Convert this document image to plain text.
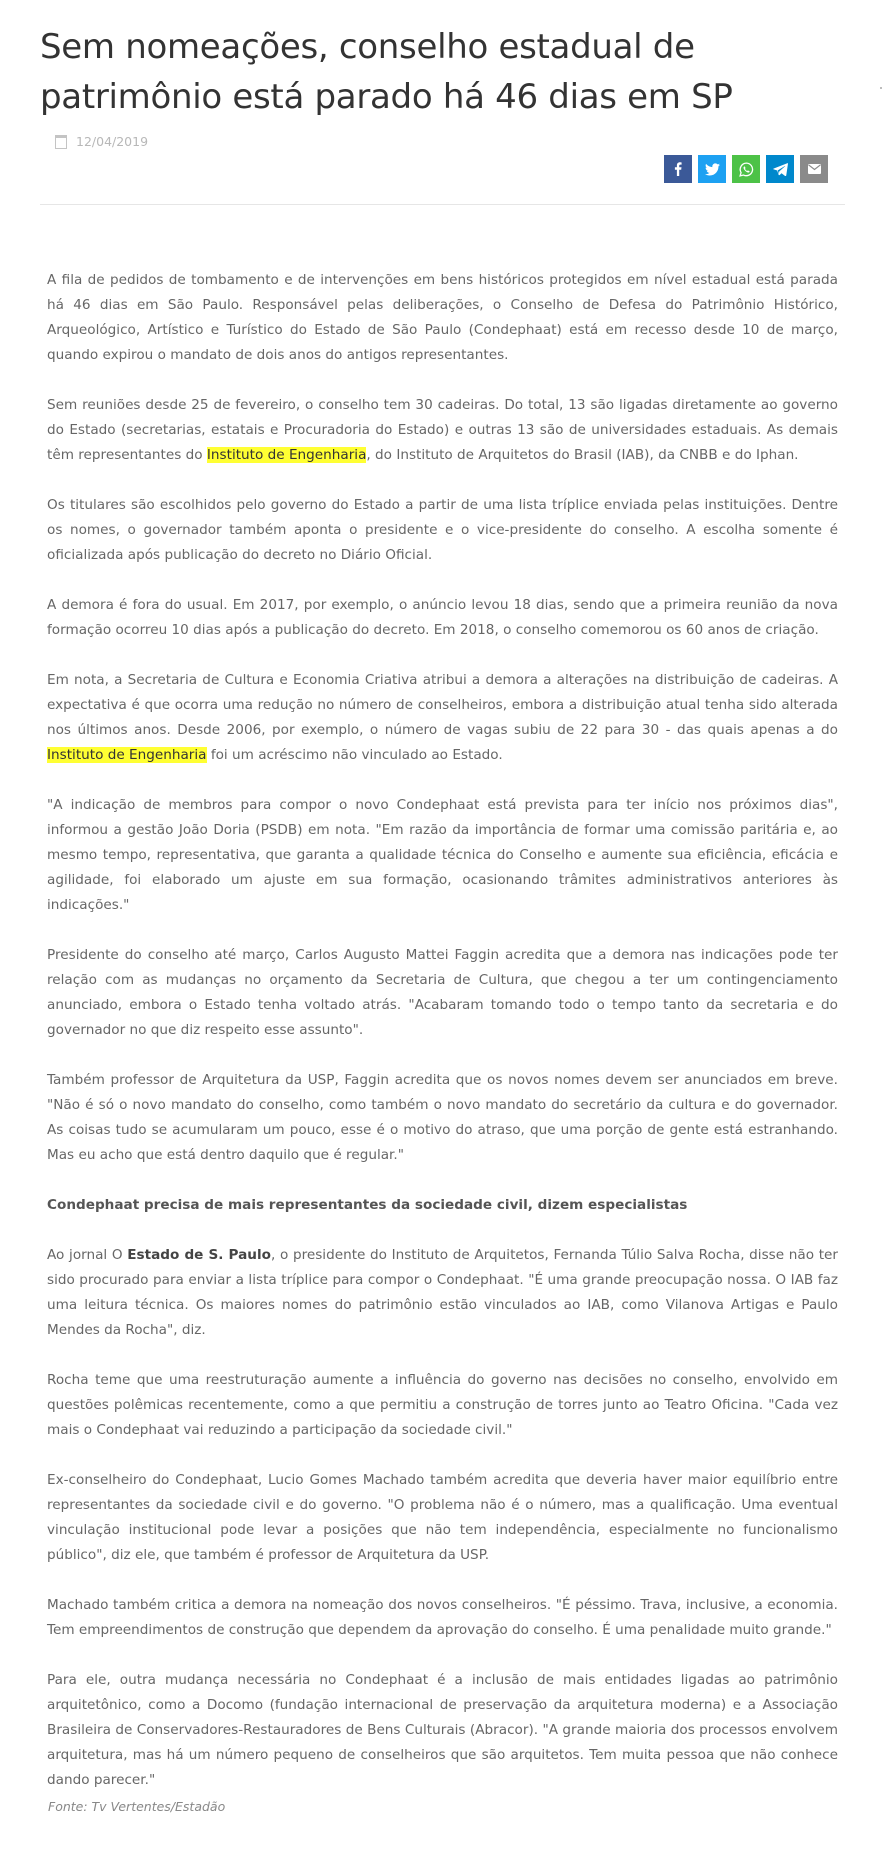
Sem nomeações, conselho estadual de patrimônio está parado há 46 dias em SP
12/04/2019

A fila de pedidos de tombamento e de intervenções em bens históricos protegidos em nível estadual está parada há 46 dias em São Paulo. Responsável pelas deliberações, o Conselho de Defesa do Patrimônio Histórico, Arqueológico, Artístico e Turístico do Estado de São Paulo (Condephaat) está em recesso desde 10 de março, quando expirou o mandato de dois anos do antigos representantes.

Sem reuniões desde 25 de fevereiro, o conselho tem 30 cadeiras. Do total, 13 são ligadas diretamente ao governo do Estado (secretarias, estatais e Procuradoria do Estado) e outras 13 são de universidades estaduais. As demais têm representantes do Instituto de Engenharia, do Instituto de Arquitetos do Brasil (IAB), da CNBB e do Iphan.

Os titulares são escolhidos pelo governo do Estado a partir de uma lista tríplice enviada pelas instituições. Dentre os nomes, o governador também aponta o presidente e o vice-presidente do conselho. A escolha somente é oficializada após publicação do decreto no Diário Oficial.

A demora é fora do usual. Em 2017, por exemplo, o anúncio levou 18 dias, sendo que a primeira reunião da nova formação ocorreu 10 dias após a publicação do decreto. Em 2018, o conselho comemorou os 60 anos de criação.

Em nota, a Secretaria de Cultura e Economia Criativa atribui a demora a alterações na distribuição de cadeiras. A expectativa é que ocorra uma redução no número de conselheiros, embora a distribuição atual tenha sido alterada nos últimos anos. Desde 2006, por exemplo, o número de vagas subiu de 22 para 30 - das quais apenas a do Instituto de Engenharia foi um acréscimo não vinculado ao Estado.

"A indicação de membros para compor o novo Condephaat está prevista para ter início nos próximos dias", informou a gestão João Doria (PSDB) em nota. "Em razão da importância de formar uma comissão paritária e, ao mesmo tempo, representativa, que garanta a qualidade técnica do Conselho e aumente sua eficiência, eficácia e agilidade, foi elaborado um ajuste em sua formação, ocasionando trâmites administrativos anteriores às indicações."

Presidente do conselho até março, Carlos Augusto Mattei Faggin acredita que a demora nas indicações pode ter relação com as mudanças no orçamento da Secretaria de Cultura, que chegou a ter um contingenciamento anunciado, embora o Estado tenha voltado atrás. "Acabaram tomando todo o tempo tanto da secretaria e do governador no que diz respeito esse assunto".

Também professor de Arquitetura da USP, Faggin acredita que os novos nomes devem ser anunciados em breve. "Não é só o novo mandato do conselho, como também o novo mandato do secretário da cultura e do governador. As coisas tudo se acumularam um pouco, esse é o motivo do atraso, que uma porção de gente está estranhando. Mas eu acho que está dentro daquilo que é regular."

Condephaat precisa de mais representantes da sociedade civil, dizem especialistas

Ao jornal O Estado de S. Paulo, o presidente do Instituto de Arquitetos, Fernanda Túlio Salva Rocha, disse não ter sido procurado para enviar a lista tríplice para compor o Condephaat. "É uma grande preocupação nossa. O IAB faz uma leitura técnica. Os maiores nomes do patrimônio estão vinculados ao IAB, como Vilanova Artigas e Paulo Mendes da Rocha", diz.

Rocha teme que uma reestruturação aumente a influência do governo nas decisões no conselho, envolvido em questões polêmicas recentemente, como a que permitiu a construção de torres junto ao Teatro Oficina. "Cada vez mais o Condephaat vai reduzindo a participação da sociedade civil."

Ex-conselheiro do Condephaat, Lucio Gomes Machado também acredita que deveria haver maior equilíbrio entre representantes da sociedade civil e do governo. "O problema não é o número, mas a qualificação. Uma eventual vinculação institucional pode levar a posições que não tem independência, especialmente no funcionalismo público", diz ele, que também é professor de Arquitetura da USP.

Machado também critica a demora na nomeação dos novos conselheiros. "É péssimo. Trava, inclusive, a economia. Tem empreendimentos de construção que dependem da aprovação do conselho. É uma penalidade muito grande."

Para ele, outra mudança necessária no Condephaat é a inclusão de mais entidades ligadas ao patrimônio arquitetônico, como a Docomo (fundação internacional de preservação da arquitetura moderna) e a Associação Brasileira de Conservadores-Restauradores de Bens Culturais (Abracor). "A grande maioria dos processos envolvem arquitetura, mas há um número pequeno de conselheiros que são arquitetos. Tem muita pessoa que não conhece dando parecer."

Fonte: Tv Vertentes/Estadão
